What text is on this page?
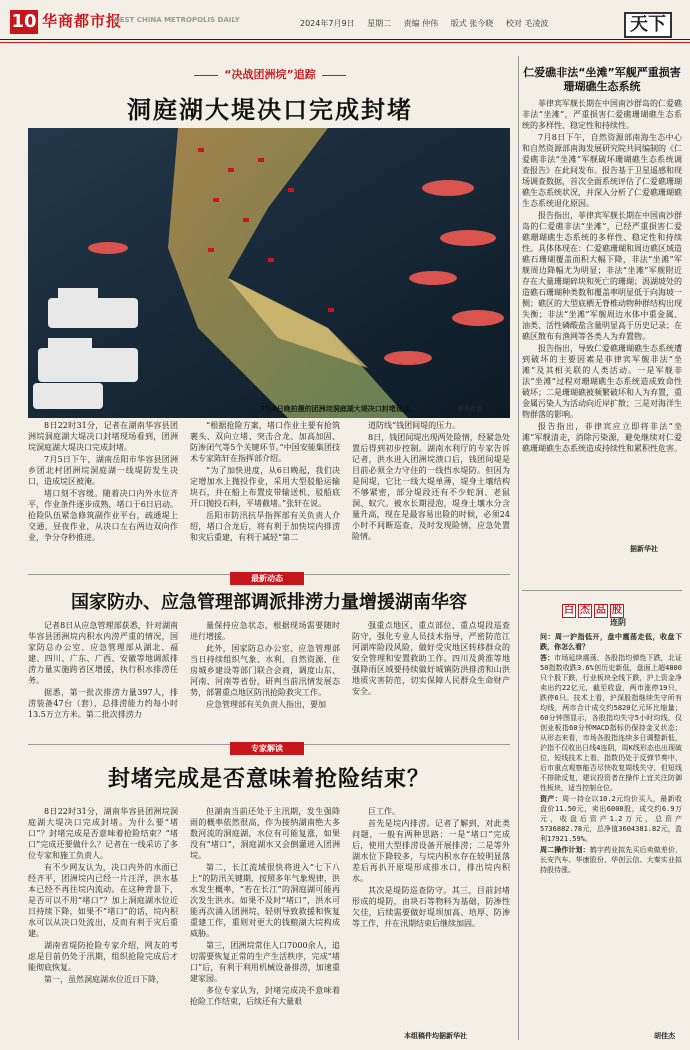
10 华商都市报
WEST CHINA METROPOLIS DAILY	2024年7月9日 星期二 责编 仲伟 版式 张今晓 校对 毛凌波	天下
“决战团洲垸”追踪
洞庭湖大堤决口完成封堵
7月8日晚拍摄的团洲垸洞庭湖大堤决口封堵现场。	新华社发

8日22时31分，记者在湖南华容县团洲垸洞庭湖大堤决口封堵现场看到，团洲垸洞庭湖大堤决口完成封堵。

7月5日下午，湖南岳阳市华容县团洲乡团北村团洲垸洞庭湖一线堤防发生决口，造成垸区被淹。

堵口刻不容缓。随着决口内外水位齐平，作业条件逐步成熟，堵口于6日启动。抢险队伍紧急修筑副作业平台，疏通堤上交通，昼夜作业，从决口左右两边双向作业，争分夺秒推进。

“根据抢险方案，堵口作业主要有抢筑裹头、双向立堵、突击合龙、加高加固、防渗闭气等5个关键环节。”中国安能集团技术专家陈轩在指挥部介绍。

“为了加快进度，从6日晚起，我们决定增加水上抛投作业，采用大型驳船运输块石，并在船上布置皮带输送机、驳船底开口抛投石料，平堵截堵。”张轩在说。

岳阳市防汛抗旱指挥部有关负责人介绍，堵口合龙后，将有利于加快垸内排涝和灾后重建，有利于减轻“第二

道防线”钱团间堤的压力。

8日，钱团间堤出现两处险情，经紧急处置后得到初步控制。湖南水利厅的专家告诉记者，洪水进入团洲垸溃口后，钱团间堤是目前必须全力守住的一线挡水堤防。但因为是间堤，它比一线大堤单薄，堤身土壤结构不够紧密，部分堤段还有不少蛇洞、老鼠洞、蚁穴。被水长期浸泡，堤身土壤水分含量升高，现在是最容易出险的时候，必须24小时不间断巡查，及时发现险情，应急处置险情。

最新动态
国家防办、应急管理部调派排涝力量增援湖南华容

记者8日从应急管理部获悉，针对湖南华容县团洲垸内积水内涝严重的情况，国家防总办公室、应急管理部从湖北、福建、四川、广东、广西、安徽等地调派排涝力量实施跨省区增援，执行积水排涝任务。

据悉，第一批次排涝力量397人，排涝装备47台（套），总排涝能力约每小时13.5万立方米。第二批次排涝力

量保持应急状态，根据现场需要随时进行增援。

此外，国家防总办公室、应急管理部当日持续组织气象、水利、自然资源、住房城乡建设等部门联合会商，调度山东、河南、河南等省份，研判当前汛情发展态势，部署重点地区防汛抢险救灾工作。

应急管理部有关负责人指出，要加

强重点地区、重点部位、重点堤段巡查防守，强化专业人员技术指导，严密防范江河湖库险段风险，做好受灾地区转移群众的安全管理和安置救助工作。四川及黄淮等地强降雨区域要持续做好城镇防洪排涝和山洪地质灾害防范，切实保障人民群众生命财产安全。

专家解读
封堵完成是否意味着抢险结束？

8日22时31分，湖南华容县团洲垸洞庭湖大堤决口完成封堵。为什么要“堵口”？封堵完成是否意味着抢险结束？“堵口”完成还要做什么？记者在一线采访了多位专家和施工负责人。

有不少网友认为，决口内外的水面已经齐平，团洲垸内已经一片汪洋，洪水基本已经不再往垸内流动。在这种背景下，是否可以不用“堵口”？加上洞庭湖水位近日持续下降，如果不“堵口”的话，垸内积水可以从决口处流出，反而有利于灾后重建。

湖南省堤防抢险专家介绍，网友的考虑是目前仍处于汛期，组织抢险完成后才能彻底恢复。

第一，虽然洞庭湖水位近日下降，

但湖南当前还处于主汛期，发生强降雨的概率依然很高，作为接纳湖南绝大多数河流的洞庭湖，水位有可能复涨，如果没有“堵口”，洞庭湖水又会倒灌进入团洲垸。

第二，长江流域很快将进入“七下八上”的防汛关键期，按照多年气象规律，洪水发生概率，“若在长江”的洞庭湖可能再次发生洪水。如果不及时“堵口”，洪水可能再次涌入团洲垸，轻则导致救援和恢复重建工作，重则对更大的钱粮湖大垸构成威胁。

第三，团洲垸常住人口7000余人，追切需要恢复正常的生产生活秩序，完成“堵口”后，有利于利用机械设备排涝，加速重建家园。

多位专家认为，封堵完成决不意味着抢险工作结束，后续还有大量艰

巨工作。

首先是垸内排涝。记者了解到，对此类问题，一般有两种思路：一是“堵口”完成后，使用大型排涝设备开展排涝；二是等外湖水位下降较多，与垸内积水存在较明显落差后再扒开原堤形成排水口，排出垸内积水。

其次是堤防巡查防守。其三，目前封堵形成的堤防，由块石等物料为基础，防渗性欠佳，后续需要做好堤坝加高、培厚、防渗等工作，并在汛期结束后继续加固。

本组稿件均据新华社
仁爱礁非法“坐滩”军舰严重损害珊瑚礁生态系统

菲律宾军舰长期在中国南沙群岛的仁爱礁非法“坐滩”，严重损害仁爱礁珊瑚礁生态系统的多样性、稳定性和持续性。

7月8日下午，自然资源部南海生态中心和自然资源部南海发展研究院共同编制的《仁爱礁非法“坐滩”军舰破坏珊瑚礁生态系统调查报告》在此间发布。报告基于卫星遥感和现场调查数据，首次全面系统评估了仁爱礁珊瑚礁生态系统状况，并深入分析了仁爱礁珊瑚礁生态系统退化原因。

报告指出，菲律宾军舰长期在中国南沙群岛的仁爱礁非法“坐滩”，已经严重损害仁爱礁珊瑚礁生态系统的多样性、稳定性和持续性。具体体现在：仁爱礁珊瑚和周边礁区域造礁石珊瑚覆盖面积大幅下降，非法“坐滩”军舰周边降幅尤为明显；非法“坐滩”军舰附近存在大量珊瑚碎块和死亡的珊瑚；潟湖坡处的造礁石珊瑚种类数和覆盖率明显低于向海坡一侧；礁区的大型底栖无脊椎动物种群结构出现失衡；非法“坐滩”军舰周边水体中重金属、油类、活性磷酸盐含量明显高于历史记录；在礁区散布有渔网等各类人为弃置物。

报告指出，导致仁爱礁珊瑚礁生态系统遭到破坏的主要因素是菲律宾军舰非法“坐滩”及其相关联的人类活动。一是军舰非法“坐滩”过程对珊瑚礁生态系统造成致命性破坏；二是珊瑚礁被频繁破坏和人为弃置，重金属污染人为活动向近岸扩散；三是对海洋生物群落的影响。

报告指出，菲律宾应立即将非法“坐滩”军舰清走，消除污染源，避免继续对仁爱礁珊瑚礁生态系统造成持续性和累积性危害。

据新华社
白 杰 品 股
连阴

问：周一沪指低开，盘中震荡走低，收盘下跌，你怎么看？

答：市场延续震荡，各股指均弹性下跌，北证50指数收跌3.6%创历史新低，盘面上超4800只个股下跌，行业板块全线下跌，沪上资金净卖出约22亿元，截至收盘，两市涨停19只，跌停6只。技术上看，沪深股指继续失守所有均线，两市合计成交约5820亿元环比缩量；60分钟图显示，各股指均失守5小时均线，仅创业板指60分钟MACD指标仍保持金叉状态；从形态来看，市场各股指连续多日调整新低，沪指不仅收出日线4连阴，周K线形态也出现破位，短线技术上看，指数仍处于反弹节奏中，后市重点观察能否尽快收复周线失守，但短线不排除反复，建议投资者在操作上宜关注防御性板块，适当控制仓位。

资产：周一持仓以10.2元均价买入，最新收盘价11.50元，卖出6000股，成交约6.9万元，收盘后资产1.2万元，总资产5736882.78元，总净值3604381.82元，盈利17921.59%。

周二操作计划：鹤宇药业拟先买后卖做差价，长安汽车、华康股份、华创云信、大秦实业拟持股待涨。

胡佳杰
